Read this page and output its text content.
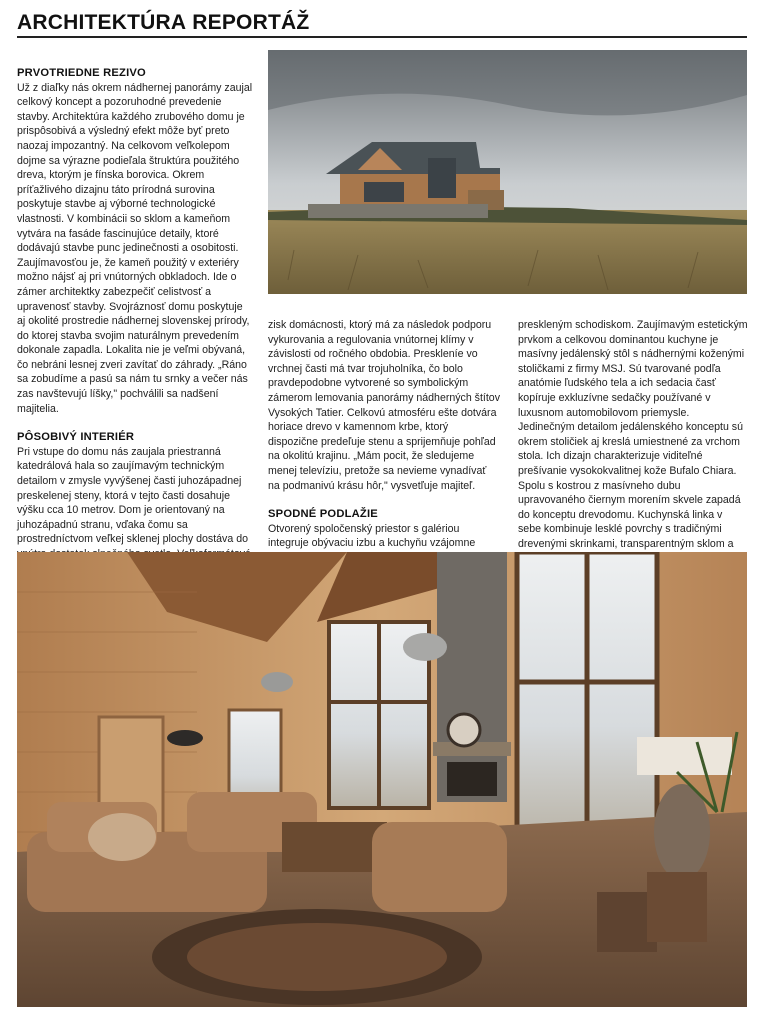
ARCHITEKTÚRA REPORTÁŽ

PRVOTRIEDNE REZIVO

Už z diaľky nás okrem nádhernej panorámy zaujal celkový koncept a pozoruhodné prevedenie stavby. Architektúra každého zrubového domu je prispôsobivá a výsledný efekt môže byť preto naozaj impozantný. Na celkovom veľkolepom dojme sa výrazne podieľala štruktúra použitého dreva, ktorým je fínska borovica. Okrem príťažlivého dizajnu táto prírodná surovina poskytuje stavbe aj výborné technologické vlastnosti. V kombinácii so sklom a kameňom vytvára na fasáde fascinujúce detaily, ktoré dodávajú stavbe punc jedinečnosti a osobitosti. Zaujímavosťou je, že kameň použitý v exteriéry možno nájsť aj pri vnútorných obkladoch. Ide o zámer architektky zabezpečiť celistvosť a upravenosť stavby. Svojráznosť domu poskytuje aj okolité prostredie nádhernej slovenskej prírody, do ktorej stavba svojim naturálnym prevedením dokonale zapadla. Lokalita nie je veľmi obývaná, čo nebráni lesnej zveri zavítať do záhrady. „Ráno sa zobudíme a pasú sa nám tu srnky a večer nás zas navštevujú líšky," pochválili sa nadšení majitelia.

PÔSOBIVÝ INTERIÉR

Pri vstupe do domu nás zaujala priestranná katedrálová hala so zaujímavým technickým detailom v zmysle vyvýšenej časti juhozápadnej preskelenej steny, ktorá v tejto časti dosahuje výšku cca 10 metrov. Dom je orientovaný na juhozápadnú stranu, vďaka čomu sa prostredníctvom veľkej sklenej plochy dostáva do

zisk domácnosti, ktorý má za následok podporu vykurovania a regulovania vnútornej klímy v závislosti od ročného obdobia. Preskleníe vo vrchnej časti má tvar trojuholníka, čo bolo pravdepodobne vytvorené so symbolickým zámerom lemovania panorámy nádherných štítov Vysokých Tatier. Celkovú atmosféru ešte dotvára horiace drevo v kamennom krbe, ktorý dispozične predeľuje stenu a sprijemňuje pohľad na okolitú krajinu. „Mám pocit, že sledujeme menej televíziu, pretože sa nevieme vynadívať na podmanivú krásu hôr," vysvetľuje majiteľ.

SPODNÉ PODLAŽIE

Otvorený spoločenský priestor s galériou integruje obývaciu izbu a kuchyňu vzájomne

preskleným schodiskom. Zaujímavým estetickým prvkom a celkovou dominantou kuchyne je masívny jedálenský stôl s nádhernými koženými stoličkami z firmy MSJ. Sú tvarované podľa anatómie ľudského tela a ich sedacia časť kopíruje exkluzívne sedačky používané v luxusnom automobilovom priemysle. Jedinečným detailom jedálenského konceptu sú okrem stoličiek aj kreslá umiestnené za vrchom stola. Ich dizajn charakterizuje viditeľné prešívanie vysokokvalitnej kože Bufalo Chiara. Spolu s kostrou z masívneho dubu upravovaného čiernym morením skvele zapadá do konceptu drevodomu. Kuchynská linka v sebe kombinuje lesklé povrchy s tradičnými drevenými skrinkami, transparentným sklom a
